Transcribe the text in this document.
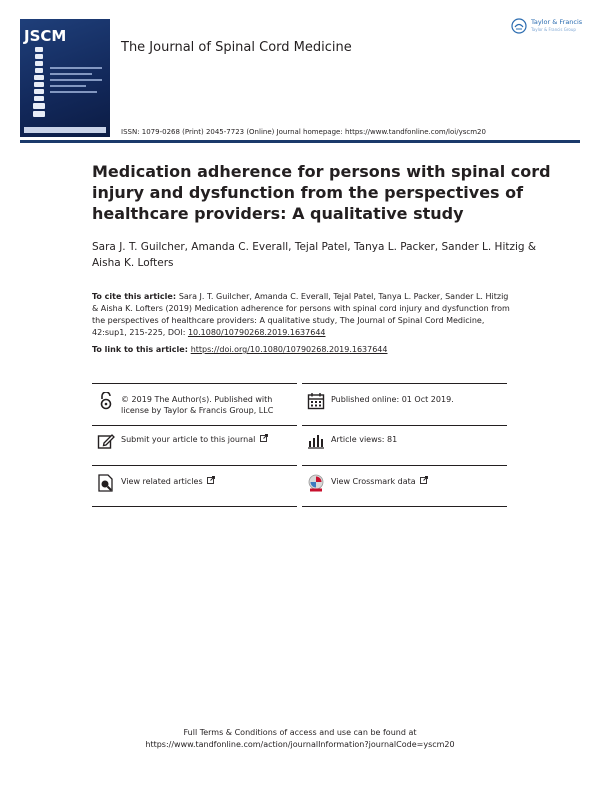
JSCM
The Journal of Spinal Cord Medicine
Taylor & Francis
Taylor & Francis Group
ISSN: 1079-0268 (Print) 2045-7723 (Online) Journal homepage: https://www.tandfonline.com/loi/yscm20
Medication adherence for persons with spinal cord injury and dysfunction from the perspectives of healthcare providers: A qualitative study
Sara J. T. Guilcher, Amanda C. Everall, Tejal Patel, Tanya L. Packer, Sander L. Hitzig & Aisha K. Lofters
To cite this article: Sara J. T. Guilcher, Amanda C. Everall, Tejal Patel, Tanya L. Packer, Sander L. Hitzig & Aisha K. Lofters (2019) Medication adherence for persons with spinal cord injury and dysfunction from the perspectives of healthcare providers: A qualitative study, The Journal of Spinal Cord Medicine, 42:sup1, 215-225, DOI: 10.1080/10790268.2019.1637644
To link to this article: https://doi.org/10.1080/10790268.2019.1637644
© 2019 The Author(s). Published with
license by Taylor & Francis Group, LLC
Published online: 01 Oct 2019.
Submit your article to this journal	Article views: 81
View related articles	View Crossmark data
Full Terms & Conditions of access and use can be found at
https://www.tandfonline.com/action/journalInformation?journalCode=yscm20
